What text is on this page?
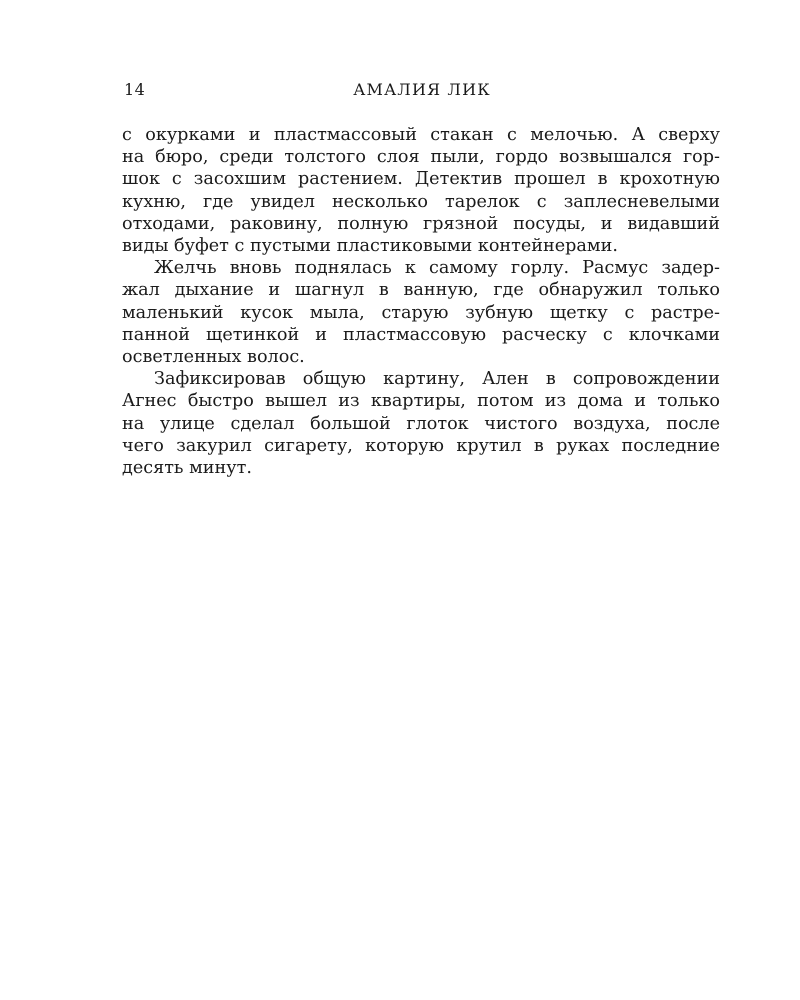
14	АМАЛИЯ ЛИК

с окурками и пластмассовый стакан с мелочью. А сверху
на бюро, среди толстого слоя пыли, гордо возвышался гор-
шок с засохшим растением. Детектив прошел в крохотную
кухню, где увидел несколько тарелок с заплесневелыми
отходами, раковину, полную грязной посуды, и видавший
виды буфет с пустыми пластиковыми контейнерами.

Желчь вновь поднялась к самому горлу. Расмус задер-
жал дыхание и шагнул в ванную, где обнаружил только
маленький кусок мыла, старую зубную щетку с растре-
панной щетинкой и пластмассовую расческу с клочками
осветленных волос.

Зафиксировав общую картину, Ален в сопровождении
Агнес быстро вышел из квартиры, потом из дома и только
на улице сделал большой глоток чистого воздуха, после
чего закурил сигарету, которую крутил в руках последние
десять минут.
